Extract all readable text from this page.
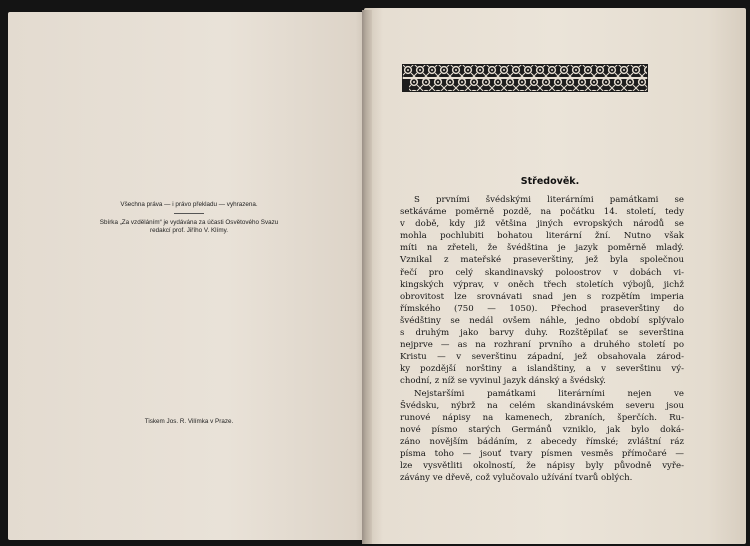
Všechna práva — i právo překladu — vyhrazena.
Sbírka „Za vzděláním“ je vydávána za účasti Osvětového Svazu
redakcí prof. Jiřího V. Klímy.
Tiskem Jos. R. Vilímka v Praze.
Středověk.
S prvními švédskými literárními památkami se
setkáváme poměrně pozdě, na počátku 14. století, tedy
v době, kdy již většina jiných evropských národů se
mohla pochlubiti bohatou literární žní. Nutno však
míti na zřeteli, že švédština je jazyk poměrně mladý.
Vznikal z mateřské praseverštiny, jež byla společnou
řečí pro celý skandinavský poloostrov v dobách vi-
kingských výprav, v oněch třech stoletích výbojů, jichž
obrovitost lze srovnávati snad jen s rozpětím imperia
římského (750 — 1050). Přechod praseverštiny do
švédštiny se nedál ovšem náhle, jedno období splývalo
s druhým jako barvy duhy. Rozštěpilať se severština
nejprve — as na rozhraní prvního a druhého století po
Kristu — v severštinu západní, jež obsahovala zárod-
ky pozdější norštiny a islandštiny, a v severštinu vý-
chodní, z níž se vyvinul jazyk dánský a švédský.
Nejstaršími památkami literárními nejen ve
Švédsku, nýbrž na celém skandinávském severu jsou
runové nápisy na kamenech, zbraních, šperčích. Ru-
nové písmo starých Germánů vzniklo, jak bylo doká-
záno novějším bádáním, z abecedy římské; zvláštní ráz
písma toho — jsouť tvary písmen vesměs přímočaré —
lze vysvětliti okolností, že nápisy byly původně vyře-
závány ve dřevě, což vylučovalo užívání tvarů oblých.
